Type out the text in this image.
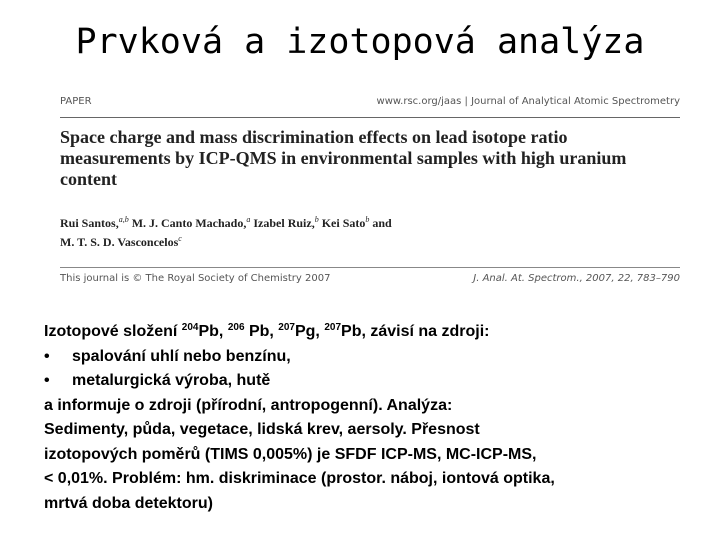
Prvková a izotopová analýza
PAPER	www.rsc.org/jaas | Journal of Analytical Atomic Spectrometry
Space charge and mass discrimination effects on lead isotope ratio measurements by ICP-QMS in environmental samples with high uranium content
Rui Santos,$^{a,b}$ M. J. Canto Machado,$^a$ Izabel Ruiz,$^b$ Kei Sato$^b$ and
M. T. S. D. Vasconcelos$^c$
This journal is © The Royal Society of Chemistry 2007	J. Anal. At. Spectrom., 2007, 22, 783–790
Izotopové složení $^{204}$Pb, $^{206}$ Pb, $^{207}$Pg, $^{207}$Pb, závisí na zdroji:
• spalování uhlí nebo benzínu,
• metalurgická výroba, hutě
a informuje o zdroji (přírodní, antropogenní). Analýza:
Sedimenty, půda, vegetace, lidská krev, aersoly. Přesnost
izotopových poměrů (TIMS 0,005%) je SFDF ICP-MS, MC-ICP-MS,
< 0,01%. Problém: hm. diskriminace (prostor. náboj, iontová optika,
mrtvá doba detektoru)
